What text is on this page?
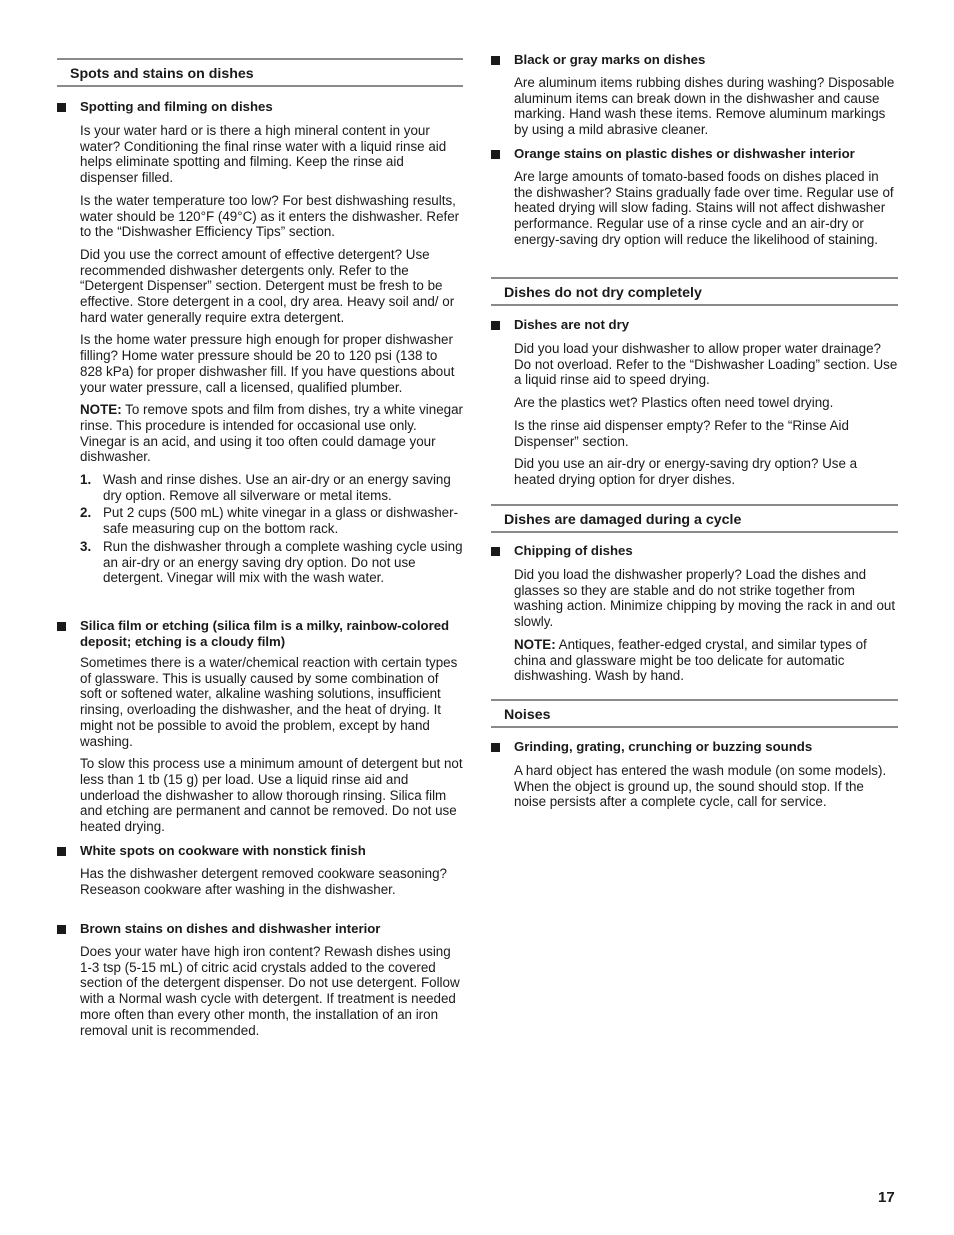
Spots and stains on dishes
Spotting and filming on dishes

Is your water hard or is there a high mineral content in your water? Conditioning the final rinse water with a liquid rinse aid helps eliminate spotting and filming. Keep the rinse aid dispenser filled.

Is the water temperature too low? For best dishwashing results, water should be 120°F (49°C) as it enters the dishwasher. Refer to the “Dishwasher Efficiency Tips” section.

Did you use the correct amount of effective detergent? Use recommended dishwasher detergents only. Refer to the “Detergent Dispenser” section. Detergent must be fresh to be effective. Store detergent in a cool, dry area. Heavy soil and/ or hard water generally require extra detergent.

Is the home water pressure high enough for proper dishwasher filling? Home water pressure should be 20 to 120 psi (138 to 828 kPa) for proper dishwasher fill. If you have questions about your water pressure, call a licensed, qualified plumber.

NOTE: To remove spots and film from dishes, try a white vinegar rinse. This procedure is intended for occasional use only. Vinegar is an acid, and using it too often could damage your dishwasher.

1. Wash and rinse dishes. Use an air-dry or an energy saving dry option. Remove all silverware or metal items.
2. Put 2 cups (500 mL) white vinegar in a glass or dishwasher-safe measuring cup on the bottom rack.
3. Run the dishwasher through a complete washing cycle using an air-dry or an energy saving dry option. Do not use detergent. Vinegar will mix with the wash water.
Silica film or etching (silica film is a milky, rainbow-colored deposit; etching is a cloudy film)

Sometimes there is a water/chemical reaction with certain types of glassware. This is usually caused by some combination of soft or softened water, alkaline washing solutions, insufficient rinsing, overloading the dishwasher, and the heat of drying. It might not be possible to avoid the problem, except by hand washing.

To slow this process use a minimum amount of detergent but not less than 1 tb (15 g) per load. Use a liquid rinse aid and underload the dishwasher to allow thorough rinsing. Silica film and etching are permanent and cannot be removed. Do not use heated drying.

White spots on cookware with nonstick finish

Has the dishwasher detergent removed cookware seasoning? Reseason cookware after washing in the dishwasher.

Brown stains on dishes and dishwasher interior

Does your water have high iron content? Rewash dishes using 1-3 tsp (5-15 mL) of citric acid crystals added to the covered section of the detergent dispenser. Do not use detergent. Follow with a Normal wash cycle with detergent. If treatment is needed more often than every other month, the installation of an iron removal unit is recommended.

Black or gray marks on dishes

Are aluminum items rubbing dishes during washing? Disposable aluminum items can break down in the dishwasher and cause marking. Hand wash these items. Remove aluminum markings by using a mild abrasive cleaner.

Orange stains on plastic dishes or dishwasher interior

Are large amounts of tomato-based foods on dishes placed in the dishwasher? Stains gradually fade over time. Regular use of heated drying will slow fading. Stains will not affect dishwasher performance. Regular use of a rinse cycle and an air-dry or energy-saving dry option will reduce the likelihood of staining.

Dishes do not dry completely
Dishes are not dry

Did you load your dishwasher to allow proper water drainage? Do not overload. Refer to the “Dishwasher Loading” section. Use a liquid rinse aid to speed drying.

Are the plastics wet? Plastics often need towel drying.

Is the rinse aid dispenser empty? Refer to the “Rinse Aid Dispenser” section.

Did you use an air-dry or energy-saving dry option? Use a heated drying option for dryer dishes.

Dishes are damaged during a cycle
Chipping of dishes

Did you load the dishwasher properly? Load the dishes and glasses so they are stable and do not strike together from washing action. Minimize chipping by moving the rack in and out slowly.

NOTE: Antiques, feather-edged crystal, and similar types of china and glassware might be too delicate for automatic dishwashing. Wash by hand.

Noises
Grinding, grating, crunching or buzzing sounds

A hard object has entered the wash module (on some models). When the object is ground up, the sound should stop. If the noise persists after a complete cycle, call for service.

17
